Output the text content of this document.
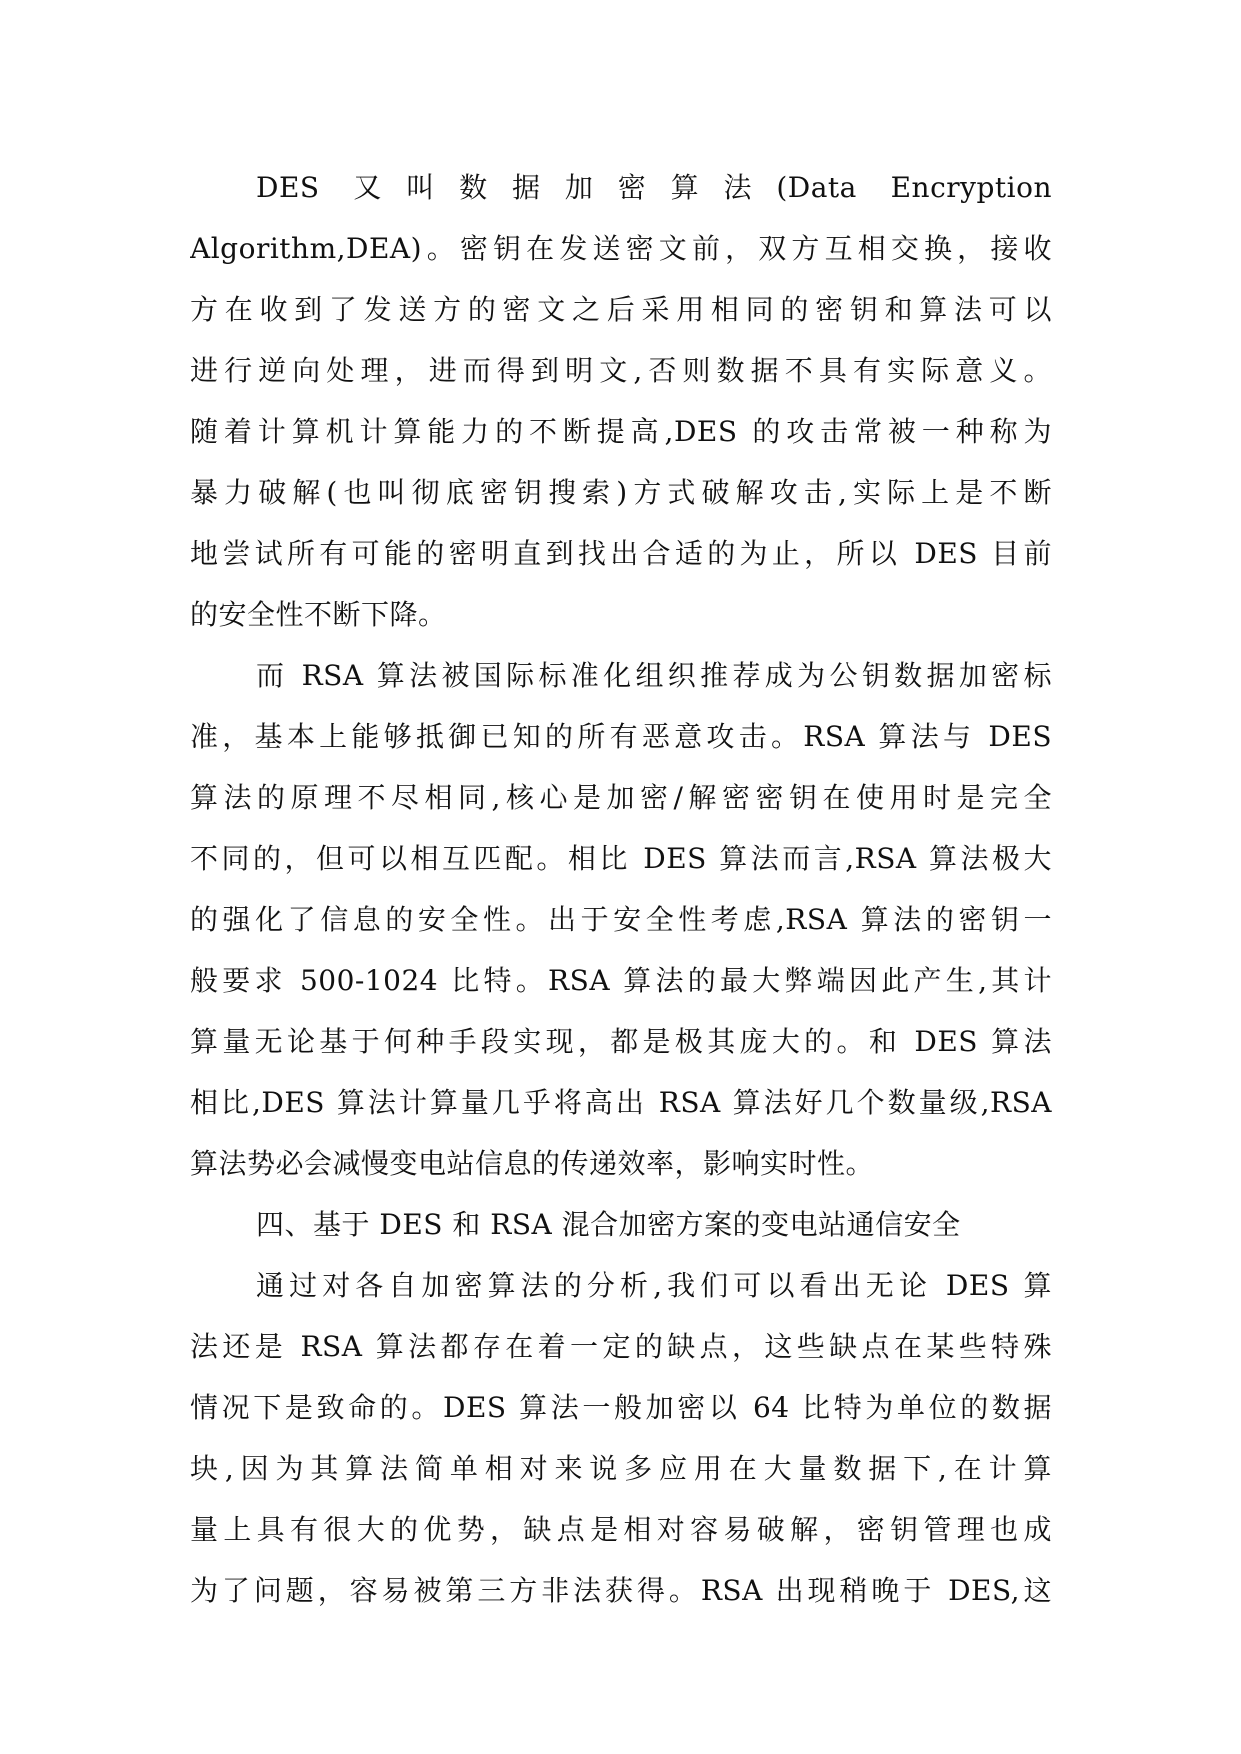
DES 又叫数据加密算法(Data Encryption
Algorithm,DEA)。密钥在发送密文前，双方互相交换，接收
方在收到了发送方的密文之后采用相同的密钥和算法可以
进行逆向处理，进而得到明文,否则数据不具有实际意义。
随着计算机计算能力的不断提高,DES 的攻击常被一种称为
暴力破解(也叫彻底密钥搜索)方式破解攻击,实际上是不断
地尝试所有可能的密明直到找出合适的为止，所以 DES 目前
的安全性不断下降。
而 RSA 算法被国际标准化组织推荐成为公钥数据加密标
准，基本上能够抵御已知的所有恶意攻击。RSA 算法与 DES
算法的原理不尽相同,核心是加密/解密密钥在使用时是完全
不同的，但可以相互匹配。相比 DES 算法而言,RSA 算法极大
的强化了信息的安全性。出于安全性考虑,RSA 算法的密钥一
般要求 500-1024 比特。RSA 算法的最大弊端因此产生,其计
算量无论基于何种手段实现，都是极其庞大的。和 DES 算法
相比,DES 算法计算量几乎将高出 RSA 算法好几个数量级,RSA
算法势必会减慢变电站信息的传递效率，影响实时性。
四、基于 DES 和 RSA 混合加密方案的变电站通信安全
通过对各自加密算法的分析,我们可以看出无论 DES 算
法还是 RSA 算法都存在着一定的缺点，这些缺点在某些特殊
情况下是致命的。DES 算法一般加密以 64 比特为单位的数据
块,因为其算法简单相对来说多应用在大量数据下,在计算
量上具有很大的优势，缺点是相对容易破解，密钥管理也成
为了问题，容易被第三方非法获得。RSA 出现稍晚于 DES,这
